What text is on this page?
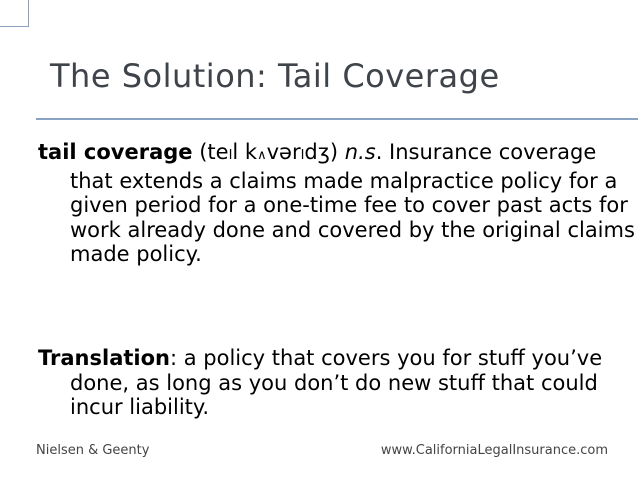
The Solution: Tail Coverage
tail coverage (teIl k∧vərIdʒ) n.s. Insurance coverage that extends a claims made malpractice policy for a given period for a one-time fee to cover past acts for work already done and covered by the original claims made policy.
Translation: a policy that covers you for stuff you’ve done, as long as you don’t do new stuff that could incur liability.
Nielsen & Geenty	www.CaliforniaLegalInsurance.com
